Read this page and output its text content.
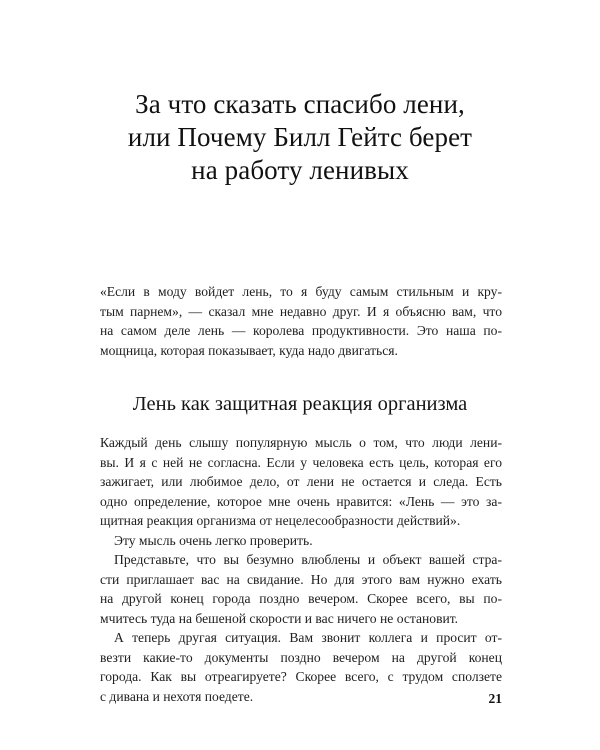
За что сказать спасибо лени,
или Почему Билл Гейтс берет
на работу ленивых
«Если в моду войдет лень, то я буду самым стильным и кру-
тым парнем», — сказал мне недавно друг. И я объясню вам, что
на самом деле лень — королева продуктивности. Это наша по-
мощница, которая показывает, куда надо двигаться.
Лень как защитная реакция организма
Каждый день слышу популярную мысль о том, что люди лени-
вы. И я с ней не согласна. Если у человека есть цель, которая его
зажигает, или любимое дело, от лени не остается и следа. Есть
одно определение, которое мне очень нравится: «Лень — это за-
щитная реакция организма от нецелесообразности действий».
Эту мысль очень легко проверить.
Представьте, что вы безумно влюблены и объект вашей стра-
сти приглашает вас на свидание. Но для этого вам нужно ехать
на другой конец города поздно вечером. Скорее всего, вы по-
мчитесь туда на бешеной скорости и вас ничего не остановит.
А теперь другая ситуация. Вам звонит коллега и просит от-
везти какие-то документы поздно вечером на другой конец
города. Как вы отреагируете? Скорее всего, с трудом сползете
с дивана и нехотя поедете.	21
